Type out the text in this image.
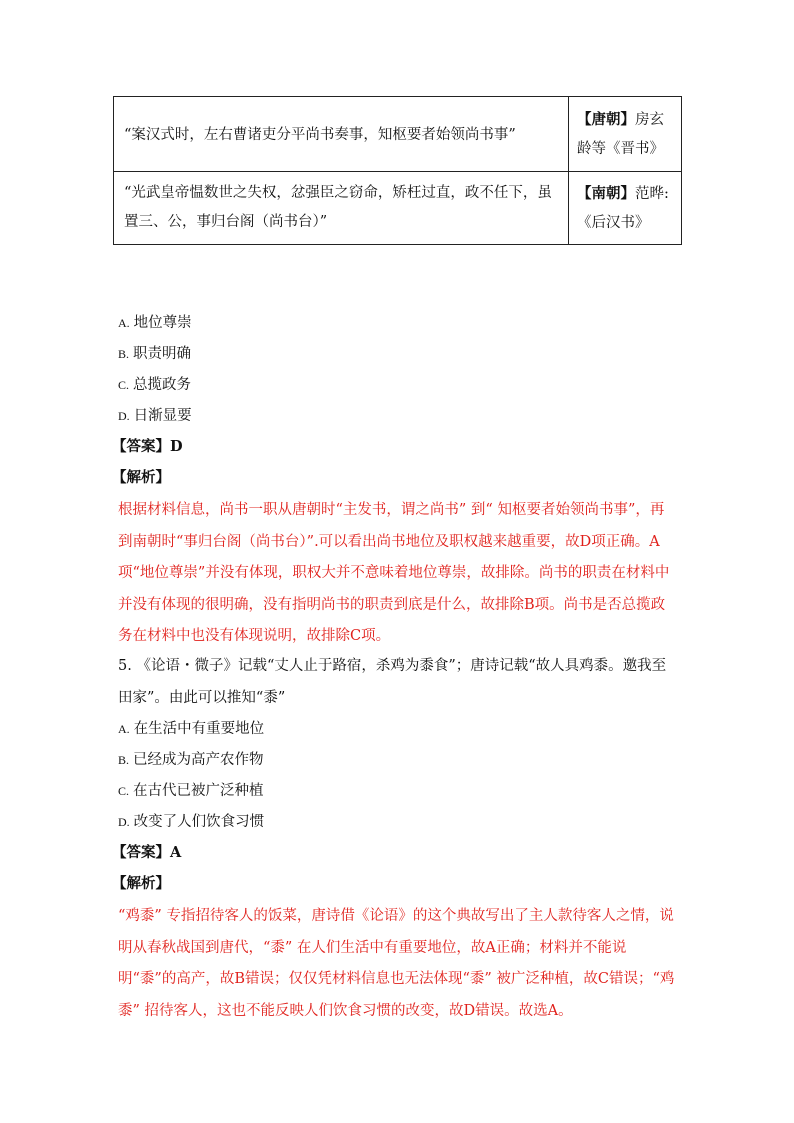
“案汉式时，左右曹诸吏分平尚书奏事，知枢要者始领尚书事”	【唐朝】房玄龄等《晋书》
“光武皇帝愠数世之失权，忿强臣之窃命，矫枉过直，政不任下，虽置三、公，事归台阁（尚书台）”	【南朝】范晔:《后汉书》
A. 地位尊崇
B. 职责明确
C. 总揽政务
D. 日渐显要
【答案】D
【解析】
根据材料信息，尚书一职从唐朝时“主发书，谓之尚书” 到“ 知枢要者始领尚书事”，再到南朝时“事归台阁（尚书台）”.可以看出尚书地位及职权越来越重要，故D项正确。A项“地位尊崇”并没有体现，职权大并不意味着地位尊崇，故排除。尚书的职责在材料中并没有体现的很明确，没有指明尚书的职责到底是什么，故排除B项。尚书是否总揽政务在材料中也没有体现说明，故排除C项。
5. 《论语・微子》记载“丈人止于路宿，杀鸡为黍食”；唐诗记载“故人具鸡黍。邀我至田家”。由此可以推知“黍”
A. 在生活中有重要地位
B. 已经成为高产农作物
C. 在古代已被广泛种植
D. 改变了人们饮食习惯
【答案】A
【解析】
“鸡黍” 专指招待客人的饭菜，唐诗借《论语》的这个典故写出了主人款待客人之情，说明从春秋战国到唐代，“黍” 在人们生活中有重要地位，故A正确；材料并不能说明“黍”的高产，故B错误；仅仅凭材料信息也无法体现“黍” 被广泛种植，故C错误；“鸡黍” 招待客人，这也不能反映人们饮食习惯的改变，故D错误。故选A。
